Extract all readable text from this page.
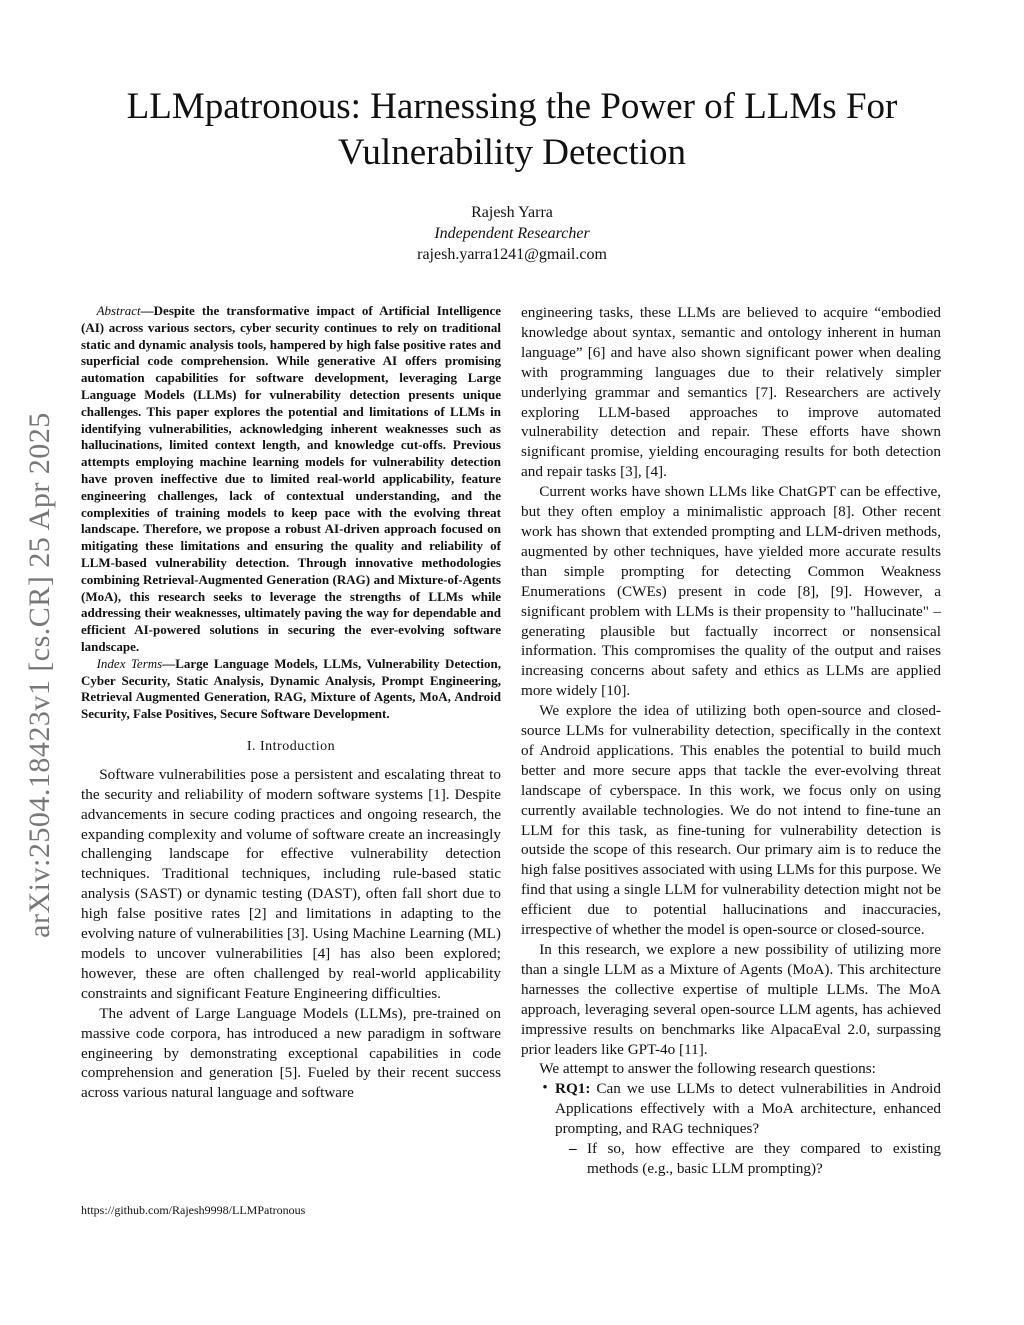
arXiv:2504.18423v1 [cs.CR] 25 Apr 2025
LLMpatronous: Harnessing the Power of LLMs For Vulnerability Detection
Rajesh Yarra
Independent Researcher
rajesh.yarra1241@gmail.com

Abstract—Despite the transformative impact of Artificial Intelligence (AI) across various sectors, cyber security continues to rely on traditional static and dynamic analysis tools, hampered by high false positive rates and superficial code comprehension. While generative AI offers promising automation capabilities for software development, leveraging Large Language Models (LLMs) for vulnerability detection presents unique challenges. This paper explores the potential and limitations of LLMs in identifying vulnerabilities, acknowledging inherent weaknesses such as hallucinations, limited context length, and knowledge cut-offs. Previous attempts employing machine learning models for vulnerability detection have proven ineffective due to limited real-world applicability, feature engineering challenges, lack of contextual understanding, and the complexities of training models to keep pace with the evolving threat landscape. Therefore, we propose a robust AI-driven approach focused on mitigating these limitations and ensuring the quality and reliability of LLM-based vulnerability detection. Through innovative methodologies combining Retrieval-Augmented Generation (RAG) and Mixture-of-Agents (MoA), this research seeks to leverage the strengths of LLMs while addressing their weaknesses, ultimately paving the way for dependable and efficient AI-powered solutions in securing the ever-evolving software landscape.

Index Terms—Large Language Models, LLMs, Vulnerability Detection, Cyber Security, Static Analysis, Dynamic Analysis, Prompt Engineering, Retrieval Augmented Generation, RAG, Mixture of Agents, MoA, Android Security, False Positives, Secure Software Development.

I. Introduction

Software vulnerabilities pose a persistent and escalating threat to the security and reliability of modern software systems [1]. Despite advancements in secure coding practices and ongoing research, the expanding complexity and volume of software create an increasingly challenging landscape for effective vulnerability detection techniques. Traditional techniques, including rule-based static analysis (SAST) or dynamic testing (DAST), often fall short due to high false positive rates [2] and limitations in adapting to the evolving nature of vulnerabilities [3]. Using Machine Learning (ML) models to uncover vulnerabilities [4] has also been explored; however, these are often challenged by real-world applicability constraints and significant Feature Engineering difficulties.

The advent of Large Language Models (LLMs), pre-trained on massive code corpora, has introduced a new paradigm in software engineering by demonstrating exceptional capabilities in code comprehension and generation [5]. Fueled by their recent success across various natural language and software

engineering tasks, these LLMs are believed to acquire “embodied knowledge about syntax, semantic and ontology inherent in human language” [6] and have also shown significant power when dealing with programming languages due to their relatively simpler underlying grammar and semantics [7]. Researchers are actively exploring LLM-based approaches to improve automated vulnerability detection and repair. These efforts have shown significant promise, yielding encouraging results for both detection and repair tasks [3], [4].

Current works have shown LLMs like ChatGPT can be effective, but they often employ a minimalistic approach [8]. Other recent work has shown that extended prompting and LLM-driven methods, augmented by other techniques, have yielded more accurate results than simple prompting for detecting Common Weakness Enumerations (CWEs) present in code [8], [9]. However, a significant problem with LLMs is their propensity to "hallucinate" – generating plausible but factually incorrect or nonsensical information. This compromises the quality of the output and raises increasing concerns about safety and ethics as LLMs are applied more widely [10].

We explore the idea of utilizing both open-source and closed-source LLMs for vulnerability detection, specifically in the context of Android applications. This enables the potential to build much better and more secure apps that tackle the ever-evolving threat landscape of cyberspace. In this work, we focus only on using currently available technologies. We do not intend to fine-tune an LLM for this task, as fine-tuning for vulnerability detection is outside the scope of this research. Our primary aim is to reduce the high false positives associated with using LLMs for this purpose. We find that using a single LLM for vulnerability detection might not be efficient due to potential hallucinations and inaccuracies, irrespective of whether the model is open-source or closed-source.

In this research, we explore a new possibility of utilizing more than a single LLM as a Mixture of Agents (MoA). This architecture harnesses the collective expertise of multiple LLMs. The MoA approach, leveraging several open-source LLM agents, has achieved impressive results on benchmarks like AlpacaEval 2.0, surpassing prior leaders like GPT-4o [11].

We attempt to answer the following research questions:

• RQ1: Can we use LLMs to detect vulnerabilities in Android Applications effectively with a MoA architecture, enhanced prompting, and RAG techniques?
– If so, how effective are they compared to existing methods (e.g., basic LLM prompting)?
https://github.com/Rajesh9998/LLMPatronous
